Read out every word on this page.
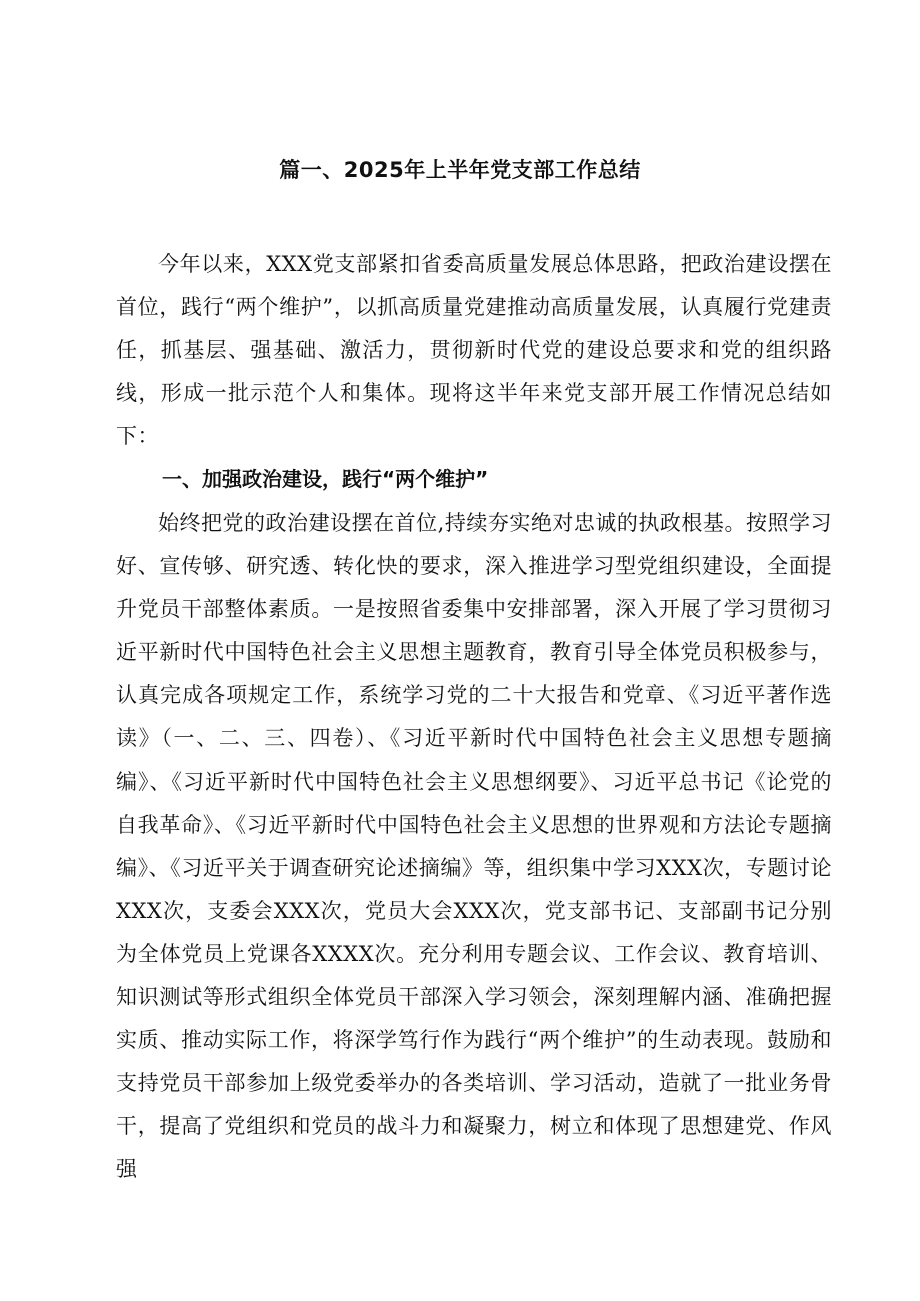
篇一、2025年上半年党支部工作总结

今年以来，XXX党支部紧扣省委高质量发展总体思路，把政治建设摆在首位，践行“两个维护”，以抓高质量党建推动高质量发展，认真履行党建责任，抓基层、强基础、激活力，贯彻新时代党的建设总要求和党的组织路线，形成一批示范个人和集体。现将这半年来党支部开展工作情况总结如下：

一、加强政治建设，践行“两个维护”

始终把党的政治建设摆在首位,持续夯实绝对忠诚的执政根基。按照学习好、宣传够、研究透、转化快的要求，深入推进学习型党组织建设，全面提升党员干部整体素质。一是按照省委集中安排部署，深入开展了学习贯彻习近平新时代中国特色社会主义思想主题教育，教育引导全体党员积极参与，认真完成各项规定工作，系统学习党的二十大报告和党章、《习近平著作选读》（一、二、三、四卷）、《习近平新时代中国特色社会主义思想专题摘编》、《习近平新时代中国特色社会主义思想纲要》、习近平总书记《论党的自我革命》、《习近平新时代中国特色社会主义思想的世界观和方法论专题摘编》、《习近平关于调查研究论述摘编》等，组织集中学习XXX次，专题讨论XXX次，支委会XXX次，党员大会XXX次，党支部书记、支部副书记分别为全体党员上党课各XXXX次。充分利用专题会议、工作会议、教育培训、知识测试等形式组织全体党员干部深入学习领会，深刻理解内涵、准确把握实质、推动实际工作，将深学笃行作为践行“两个维护”的生动表现。鼓励和支持党员干部参加上级党委举办的各类培训、学习活动，造就了一批业务骨干，提高了党组织和党员的战斗力和凝聚力，树立和体现了思想建党、作风强
